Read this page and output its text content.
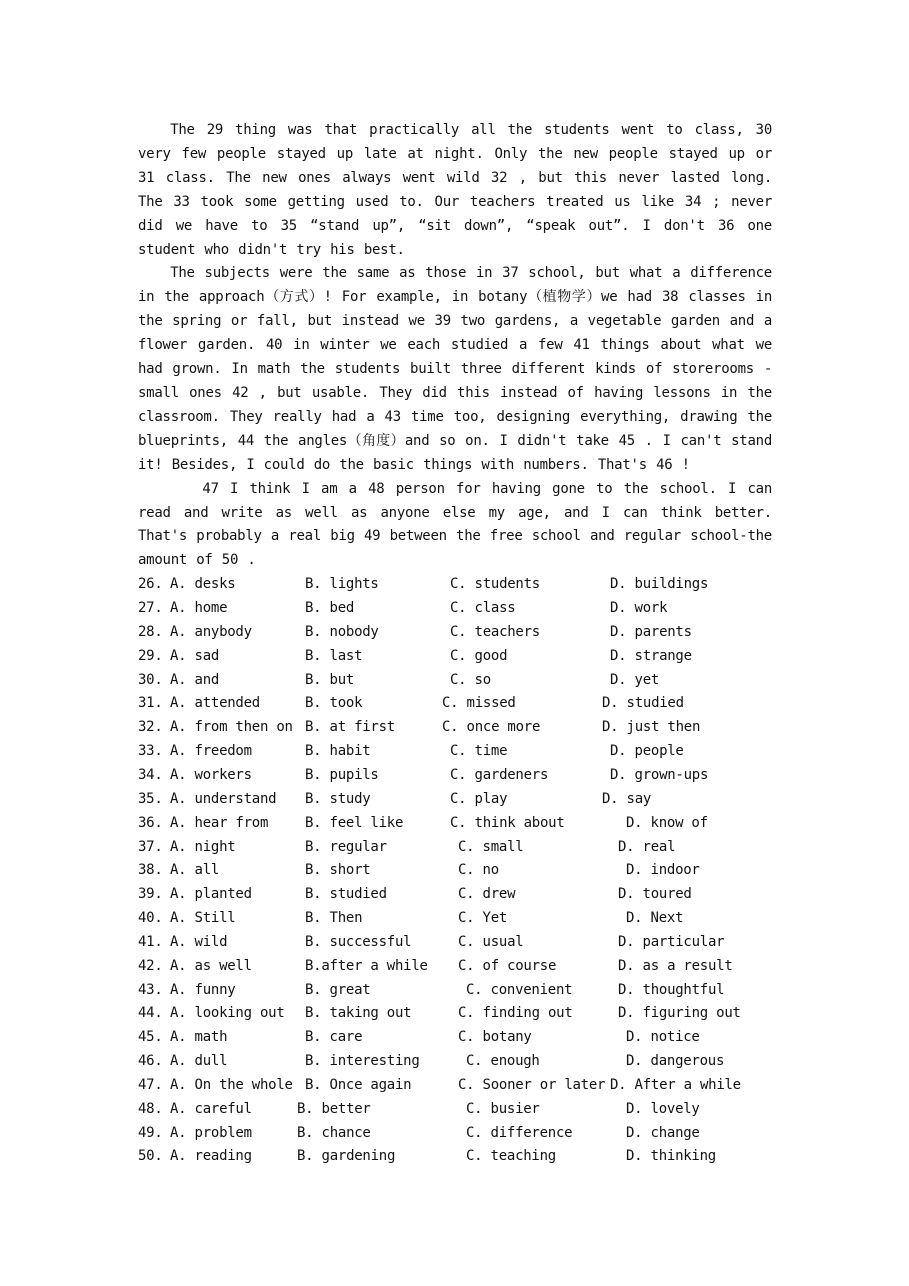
The 29 thing was that practically all the students went to class, 30 very few people stayed up late at night. Only the new people stayed up or 31 class. The new ones always went wild 32 , but this never lasted long. The 33 took some getting used to. Our teachers treated us like 34 ; never did we have to 35 “stand up”, “sit down”, “speak out”. I don't 36 one student who didn't try his best.

The subjects were the same as those in 37 school, but what a difference in the approach（方式）! For example, in botany（植物学）we had 38 classes in the spring or fall, but instead we 39 two gardens, a vegetable garden and a flower garden. 40 in winter we each studied a few 41 things about what we had grown. In math the students built three different kinds of storerooms - small ones 42 , but usable. They did this instead of having lessons in the classroom. They really had a 43 time too, designing everything, drawing the blueprints, 44 the angles（角度）and so on. I didn't take 45 . I can't stand it! Besides, I could do the basic things with numbers. That's 46 !

47 I think I am a 48 person for having gone to the school. I can read and write as well as anyone else my age, and I can think better. That's probably a real big 49 between the free school and regular school-the amount of 50 .

26. A. desks	B. lights	C. students	D. buildings
27. A. home	B. bed	C. class	D. work
28. A. anybody	B. nobody	C. teachers	D. parents
29. A. sad	B. last	C. good	D. strange
30. A. and	B. but	C. so	D. yet
31. A. attended	B. took	C. missed	D. studied
32. A. from then on B. at first	C. once more	D. just then
33. A. freedom	B. habit	C. time	D. people
34. A. workers	B. pupils	C. gardeners	D. grown-ups
35. A. understand B. study	C. play	D. say
36. A. hear from	B. feel like	C. think about	D. know of
37. A. night	B. regular	C. small	D. real
38. A. all	B. short	C. no	D. indoor
39. A. planted	B. studied	C. drew	D. toured
40. A. Still	B. Then	C. Yet	D. Next
41. A. wild	B. successful	C. usual	D. particular
42. A. as well	B.after a while C. of course	D. as a result
43. A. funny	B. great	C. convenient	D. thoughtful
44. A. looking out B. taking out	C. finding out	D. figuring out
45. A. math	B. care	C. botany	D. notice
46. A. dull	B. interesting	C. enough	D. dangerous
47. A. On the whole B. Once again	C. Sooner or later D. After a while
48. A. careful	B. better	C. busier	D. lovely
49. A. problem	B. chance	C. difference	D. change
50. A. reading	B. gardening	C. teaching	D. thinking
